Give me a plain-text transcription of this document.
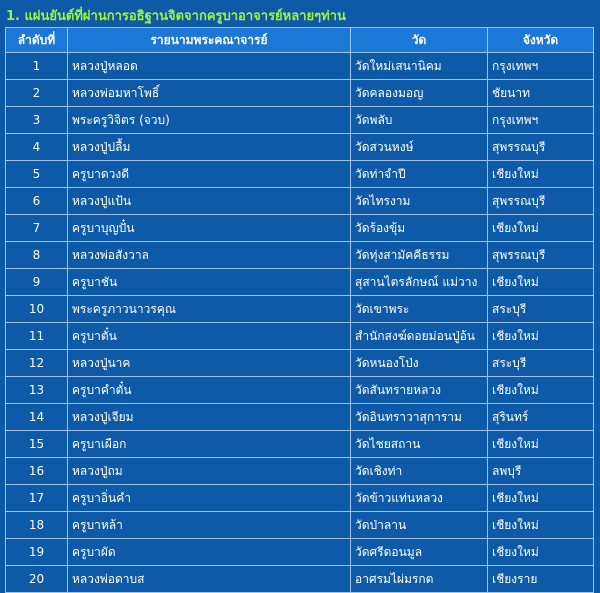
1. แผ่นยันต์ที่ผ่านการอธิฐานจิตจากครูบาอาจารย์หลายๆท่าน
ลำดับที่	รายนามพระคณาจารย์	วัด	จังหวัด
1	หลวงปู่หลอด	วัดใหม่เสนานิคม	กรุงเทพฯ
2	หลวงพ่อมหาโพธิ์	วัดคลองมอญ	ชัยนาท
3	พระครูวิจิตร (จวบ)	วัดพลับ	กรุงเทพฯ
4	หลวงปู่ปลื้ม	วัดสวนหงษ์	สุพรรณบุรี
5	ครูบาดวงดี	วัดท่าจำปี	เชียงใหม่
6	หลวงปู่แป้น	วัดไทรงาม	สุพรรณบุรี
7	ครูบาบุญปั๋น	วัดร้องขุ้ม	เชียงใหม่
8	หลวงพ่อสังวาล	วัดทุ่งสามัคคีธรรม	สุพรรณบุรี
9	ครูบาชัน	สุสานไตรลักษณ์ แม่วาง	เชียงใหม่
10	พระครูภาวนาวรคุณ	วัดเขาพระ	สระบุรี
11	ครูบาตั๋น	สำนักสงฆ์ดอยม่อนปู่อ้น	เชียงใหม่
12	หลวงปู่นาค	วัดหนองโป่ง	สระบุรี
13	ครูบาคำตั๋น	วัดสันทรายหลวง	เชียงใหม่
14	หลวงปู่เจียม	วัดอินทราวาสุการาม	สุรินทร์
15	ครูบาเผือก	วัดไชยสถาน	เชียงใหม่
16	หลวงปู่ถม	วัดเชิงท่า	ลพบุรี
17	ครูบาอิ่นคำ	วัดข้าวแท่นหลวง	เชียงใหม่
18	ครูบาหล้า	วัดป่าลาน	เชียงใหม่
19	ครูบาผัด	วัดศรีดอนมูล	เชียงใหม่
20	หลวงพ่อดาบส	อาศรมไผ่มรกต	เชียงราย
